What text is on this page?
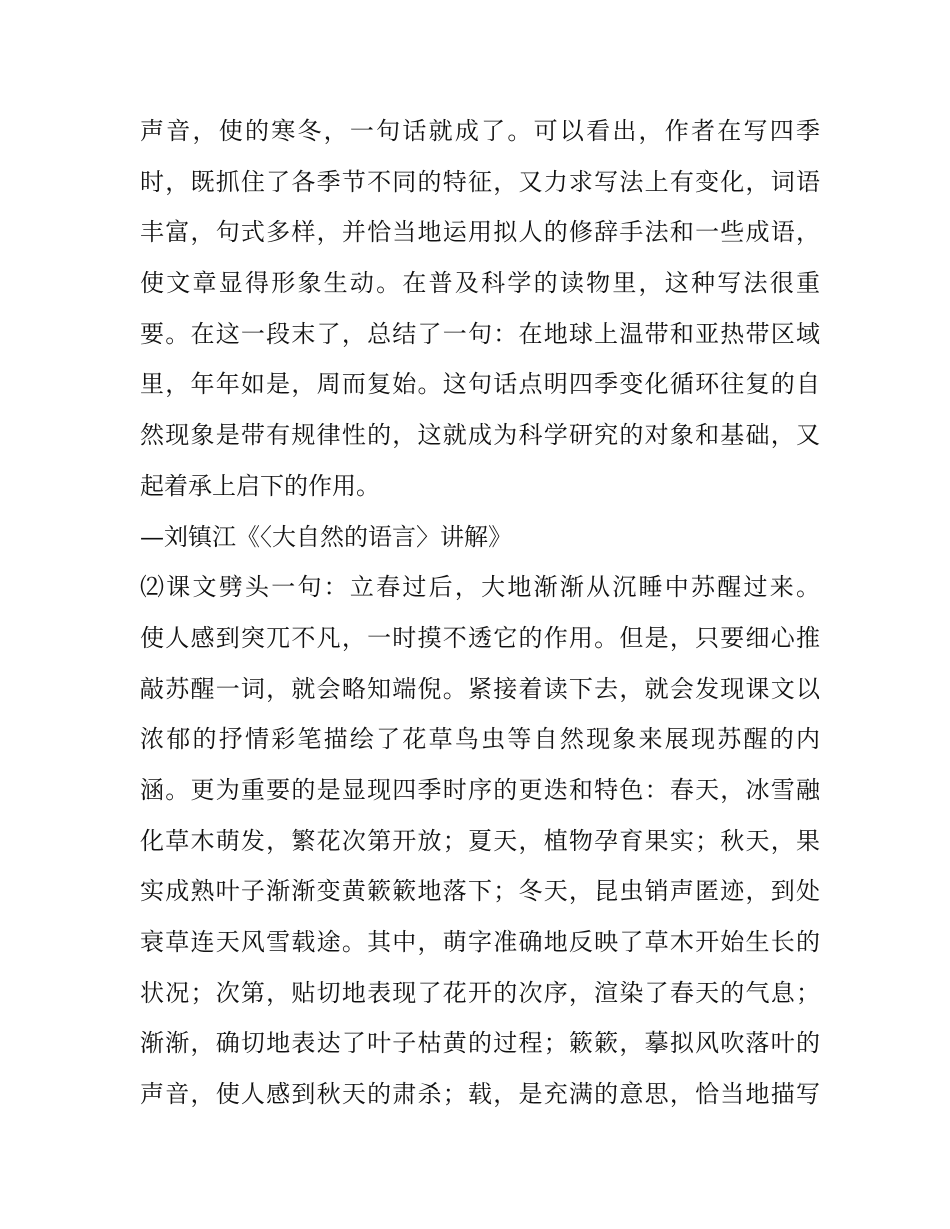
声音，使的寒冬，一句话就成了。可以看出，作者在写四季
时，既抓住了各季节不同的特征，又力求写法上有变化，词语
丰富，句式多样，并恰当地运用拟人的修辞手法和一些成语，
使文章显得形象生动。在普及科学的读物里，这种写法很重
要。在这一段末了，总结了一句：在地球上温带和亚热带区域
里，年年如是，周而复始。这句话点明四季变化循环往复的自
然现象是带有规律性的，这就成为科学研究的对象和基础，又
起着承上启下的作用。
—刘镇江《〈大自然的语言〉讲解》
⑵课文劈头一句：立春过后，大地渐渐从沉睡中苏醒过来。
使人感到突兀不凡，一时摸不透它的作用。但是，只要细心推
敲苏醒一词，就会略知端倪。紧接着读下去，就会发现课文以
浓郁的抒情彩笔描绘了花草鸟虫等自然现象来展现苏醒的内
涵。更为重要的是显现四季时序的更迭和特色：春天，冰雪融
化草木萌发，繁花次第开放；夏天，植物孕育果实；秋天，果
实成熟叶子渐渐变黄簌簌地落下；冬天，昆虫销声匿迹，到处
衰草连天风雪载途。其中，萌字准确地反映了草木开始生长的
状况；次第，贴切地表现了花开的次序，渲染了春天的气息；
渐渐，确切地表达了叶子枯黄的过程；簌簌，摹拟风吹落叶的
声音，使人感到秋天的肃杀；载，是充满的意思，恰当地描写
